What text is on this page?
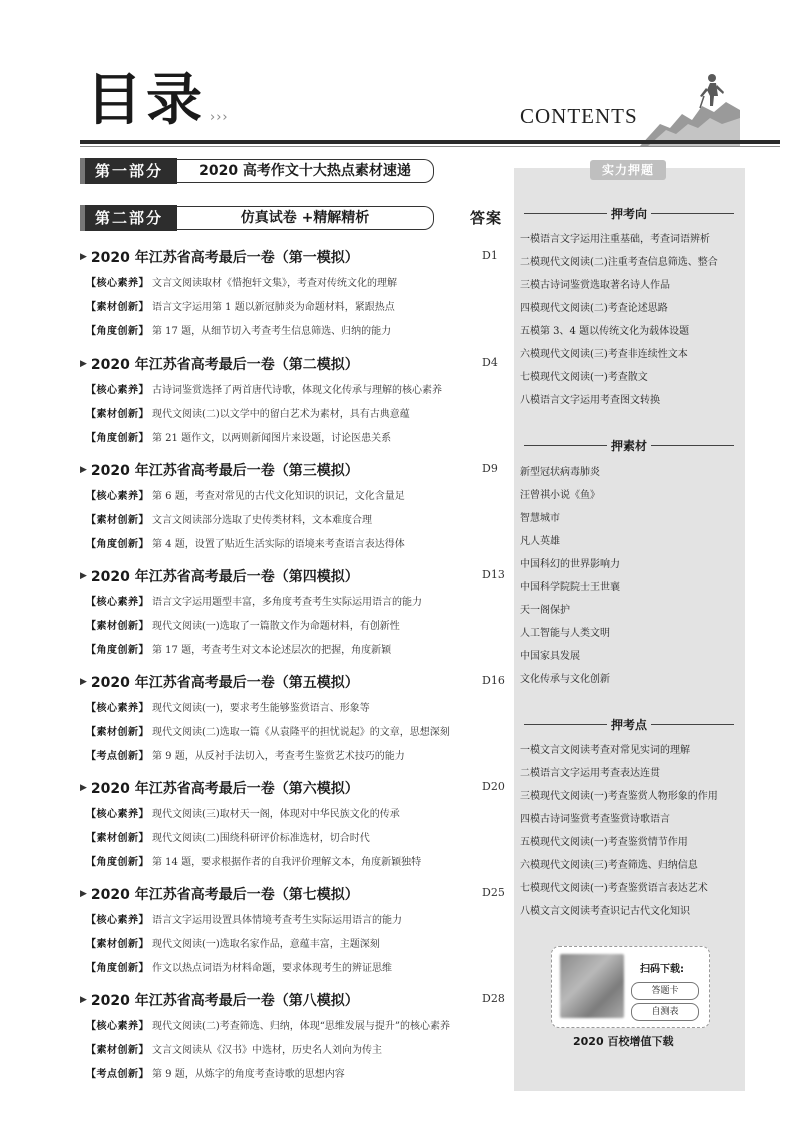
目录 ›››	CONTENTS
第一部分	2020 高考作文十大热点素材速递
第二部分	仿真试卷 +精解精析	答案
▶ 2020 年江苏省高考最后一卷（第一模拟）	D1
【核心素养】 文言文阅读取材《惜抱轩文集》，考查对传统文化的理解
【素材创新】 语言文字运用第 1 题以新冠肺炎为命题材料，紧跟热点
【角度创新】 第 17 题，从细节切入考查考生信息筛选、归纳的能力
▶ 2020 年江苏省高考最后一卷（第二模拟）	D4
【核心素养】 古诗词鉴赏选择了两首唐代诗歌，体现文化传承与理解的核心素养
【素材创新】 现代文阅读(二)以文学中的留白艺术为素材，具有古典意蕴
【角度创新】 第 21 题作文，以两则新闻图片来设题，讨论医患关系
▶ 2020 年江苏省高考最后一卷（第三模拟）	D9
【核心素养】 第 6 题，考查对常见的古代文化知识的识记，文化含量足
【素材创新】 文言文阅读部分选取了史传类材料，文本难度合理
【角度创新】 第 4 题，设置了贴近生活实际的语境来考查语言表达得体
▶ 2020 年江苏省高考最后一卷（第四模拟）	D13
【核心素养】 语言文字运用题型丰富，多角度考查考生实际运用语言的能力
【素材创新】 现代文阅读(一)选取了一篇散文作为命题材料，有创新性
【角度创新】 第 17 题，考查考生对文本论述层次的把握，角度新颖
▶ 2020 年江苏省高考最后一卷（第五模拟）	D16
【核心素养】 现代文阅读(一)，要求考生能够鉴赏语言、形象等
【素材创新】 现代文阅读(二)选取一篇《从袁隆平的担忧说起》的文章，思想深刻
【考点创新】 第 9 题，从反衬手法切入，考查考生鉴赏艺术技巧的能力
▶ 2020 年江苏省高考最后一卷（第六模拟）	D20
【核心素养】 现代文阅读(三)取材天一阁，体现对中华民族文化的传承
【素材创新】 现代文阅读(二)围绕科研评价标准选材，切合时代
【角度创新】 第 14 题，要求根据作者的自我评价理解文本，角度新颖独特
▶ 2020 年江苏省高考最后一卷（第七模拟）	D25
【核心素养】 语言文字运用设置具体情境考查考生实际运用语言的能力
【素材创新】 现代文阅读(一)选取名家作品，意蕴丰富，主题深刻
【角度创新】 作文以热点词语为材料命题，要求体现考生的辨证思维
▶ 2020 年江苏省高考最后一卷（第八模拟）	D28
【核心素养】 现代文阅读(二)考查筛选、归纳，体现“思维发展与提升”的核心素养
【素材创新】 文言文阅读从《汉书》中选材，历史名人刘向为传主
【考点创新】 第 9 题，从炼字的角度考查诗歌的思想内容
实力押题
押考向
一模语言文字运用注重基础，考查词语辨析
二模现代文阅读(二)注重考查信息筛选、整合
三模古诗词鉴赏选取著名诗人作品
四模现代文阅读(二)考查论述思路
五模第 3、4 题以传统文化为载体设题
六模现代文阅读(三)考查非连续性文本
七模现代文阅读(一)考查散文
八模语言文字运用考查图文转换
押素材
新型冠状病毒肺炎
汪曾祺小说《鱼》
智慧城市
凡人英雄
中国科幻的世界影响力
中国科学院院士王世襄
天一阁保护
人工智能与人类文明
中国家具发展
文化传承与文化创新
押考点
一模文言文阅读考查对常见实词的理解
二模语言文字运用考查表达连贯
三模现代文阅读(一)考查鉴赏人物形象的作用
四模古诗词鉴赏考查鉴赏诗歌语言
五模现代文阅读(一)考查鉴赏情节作用
六模现代文阅读(三)考查筛选、归纳信息
七模现代文阅读(一)考查鉴赏语言表达艺术
八模文言文阅读考查识记古代文化知识
扫码下载:
答题卡
自测表
2020 百校增值下载
